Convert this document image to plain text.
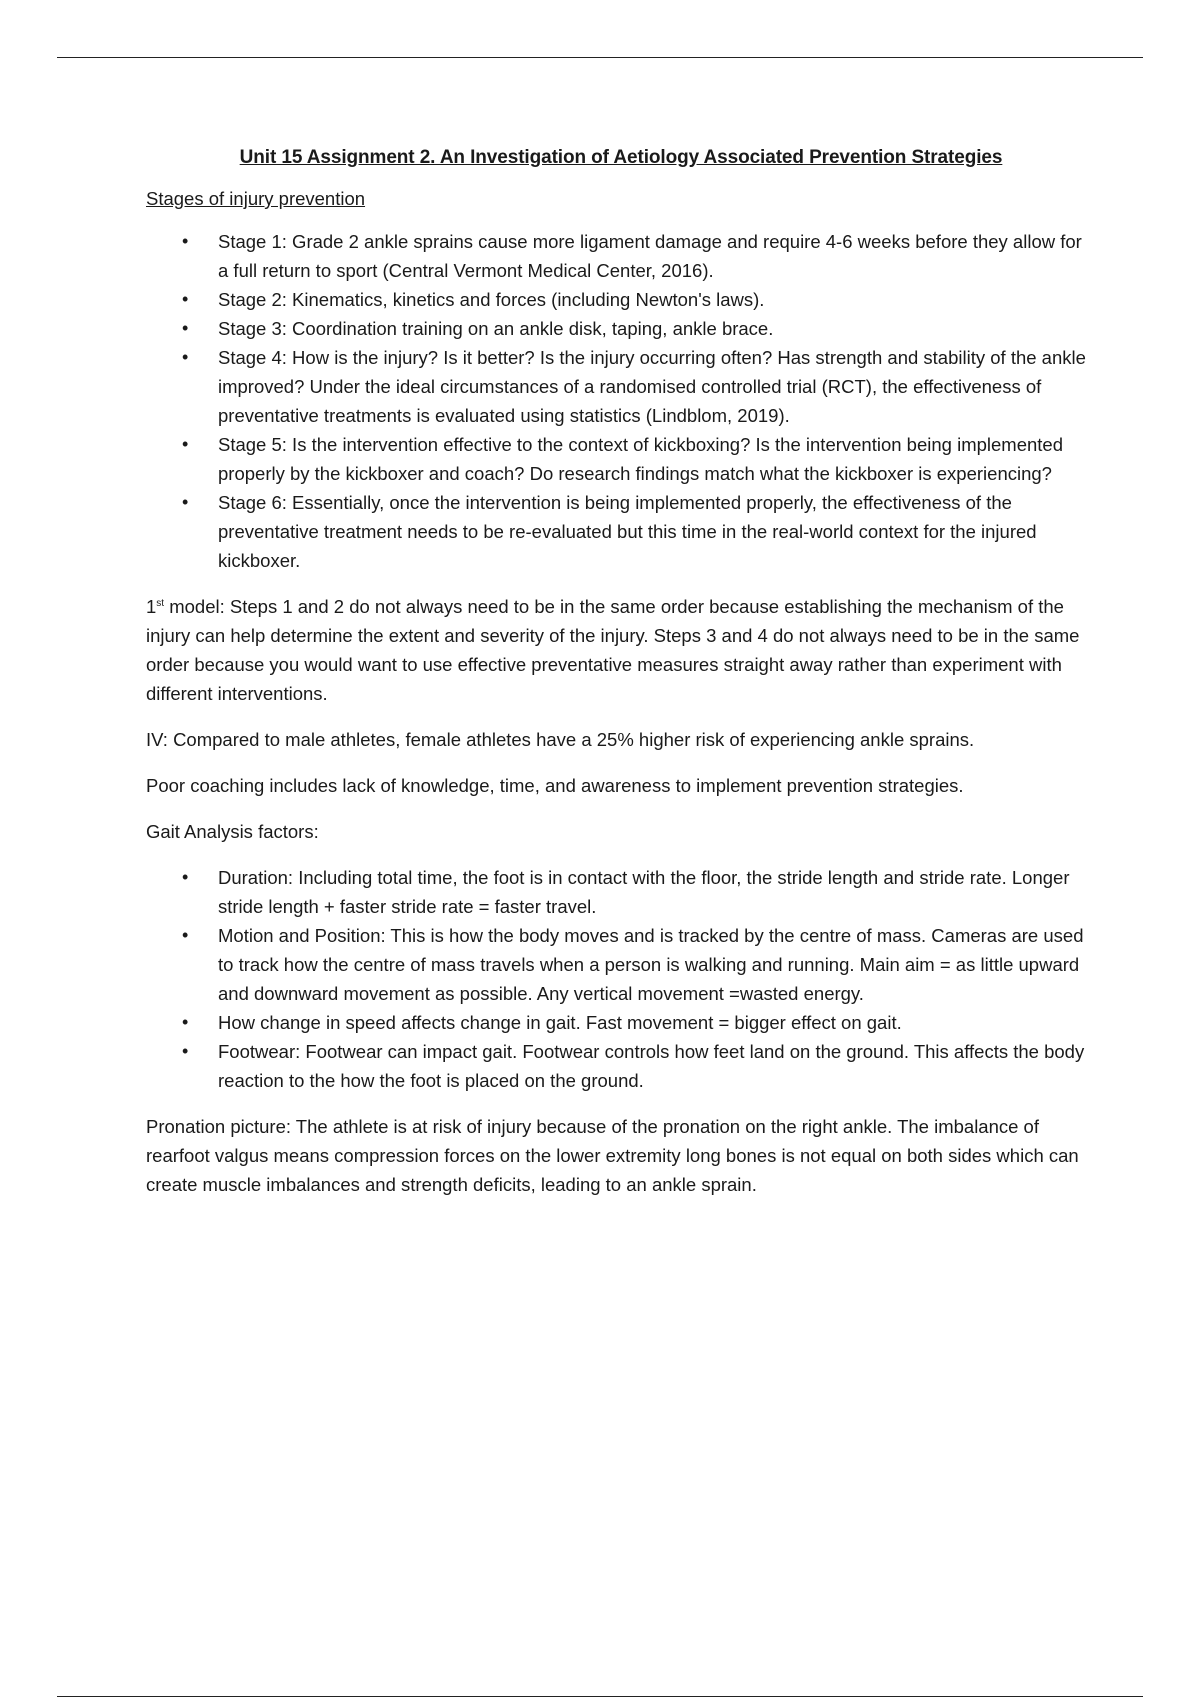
Unit 15 Assignment 2. An Investigation of Aetiology Associated Prevention Strategies
Stages of injury prevention
• Stage 1: Grade 2 ankle sprains cause more ligament damage and require 4-6 weeks before they allow for a full return to sport (Central Vermont Medical Center, 2016).
• Stage 2: Kinematics, kinetics and forces (including Newton's laws).
• Stage 3: Coordination training on an ankle disk, taping, ankle brace.
• Stage 4: How is the injury? Is it better? Is the injury occurring often? Has strength and stability of the ankle improved? Under the ideal circumstances of a randomised controlled trial (RCT), the effectiveness of preventative treatments is evaluated using statistics (Lindblom, 2019).
• Stage 5: Is the intervention effective to the context of kickboxing? Is the intervention being implemented properly by the kickboxer and coach? Do research findings match what the kickboxer is experiencing?
• Stage 6: Essentially, once the intervention is being implemented properly, the effectiveness of the preventative treatment needs to be re-evaluated but this time in the real-world context for the injured kickboxer.

1st model: Steps 1 and 2 do not always need to be in the same order because establishing the mechanism of the injury can help determine the extent and severity of the injury. Steps 3 and 4 do not always need to be in the same order because you would want to use effective preventative measures straight away rather than experiment with different interventions.

IV: Compared to male athletes, female athletes have a 25% higher risk of experiencing ankle sprains.

Poor coaching includes lack of knowledge, time, and awareness to implement prevention strategies.

Gait Analysis factors:

• Duration: Including total time, the foot is in contact with the floor, the stride length and stride rate. Longer stride length + faster stride rate = faster travel.
• Motion and Position: This is how the body moves and is tracked by the centre of mass. Cameras are used to track how the centre of mass travels when a person is walking and running. Main aim = as little upward and downward movement as possible. Any vertical movement =wasted energy.
• How change in speed affects change in gait. Fast movement = bigger effect on gait.
• Footwear: Footwear can impact gait. Footwear controls how feet land on the ground. This affects the body reaction to the how the foot is placed on the ground.

Pronation picture: The athlete is at risk of injury because of the pronation on the right ankle. The imbalance of rearfoot valgus means compression forces on the lower extremity long bones is not equal on both sides which can create muscle imbalances and strength deficits, leading to an ankle sprain.
